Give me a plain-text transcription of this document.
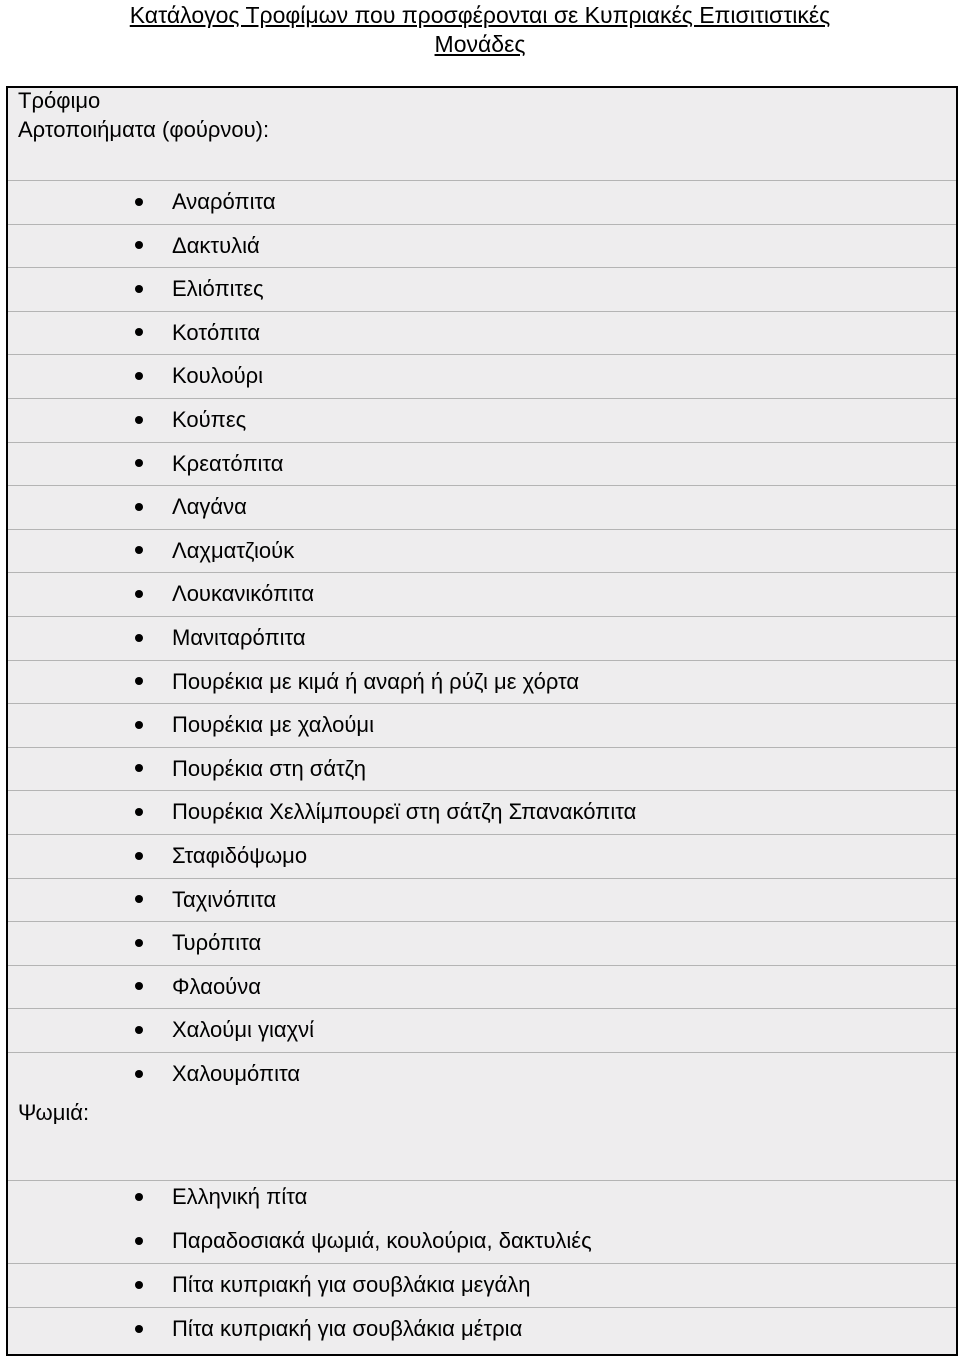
Κατάλογος Τροφίμων που προσφέρονται σε Κυπριακές Επισιτιστικές
Μονάδες
Τρόφιμο
Αρτοποιήματα (φούρνου):
Αναρόπιτα
Δακτυλιά
Ελιόπιτες
Κοτόπιτα
Κουλούρι
Κούπες
Κρεατόπιτα
Λαγάνα
Λαχματζιούκ
Λουκανικόπιτα
Μανιταρόπιτα
Πουρέκια με κιμά ή αναρή ή ρύζι με χόρτα
Πουρέκια με χαλούμι
Πουρέκια στη σάτζη
Πουρέκια Χελλίμπουρεϊ στη σάτζη Σπανακόπιτα
Σταφιδόψωμο
Ταχινόπιτα
Τυρόπιτα
Φλαούνα
Χαλούμι γιαχνί
Χαλουμόπιτα
Ψωμιά:
Ελληνική πίτα
Παραδοσιακά ψωμιά, κουλούρια, δακτυλιές
Πίτα κυπριακή για σουβλάκια μεγάλη
Πίτα κυπριακή για σουβλάκια μέτρια
